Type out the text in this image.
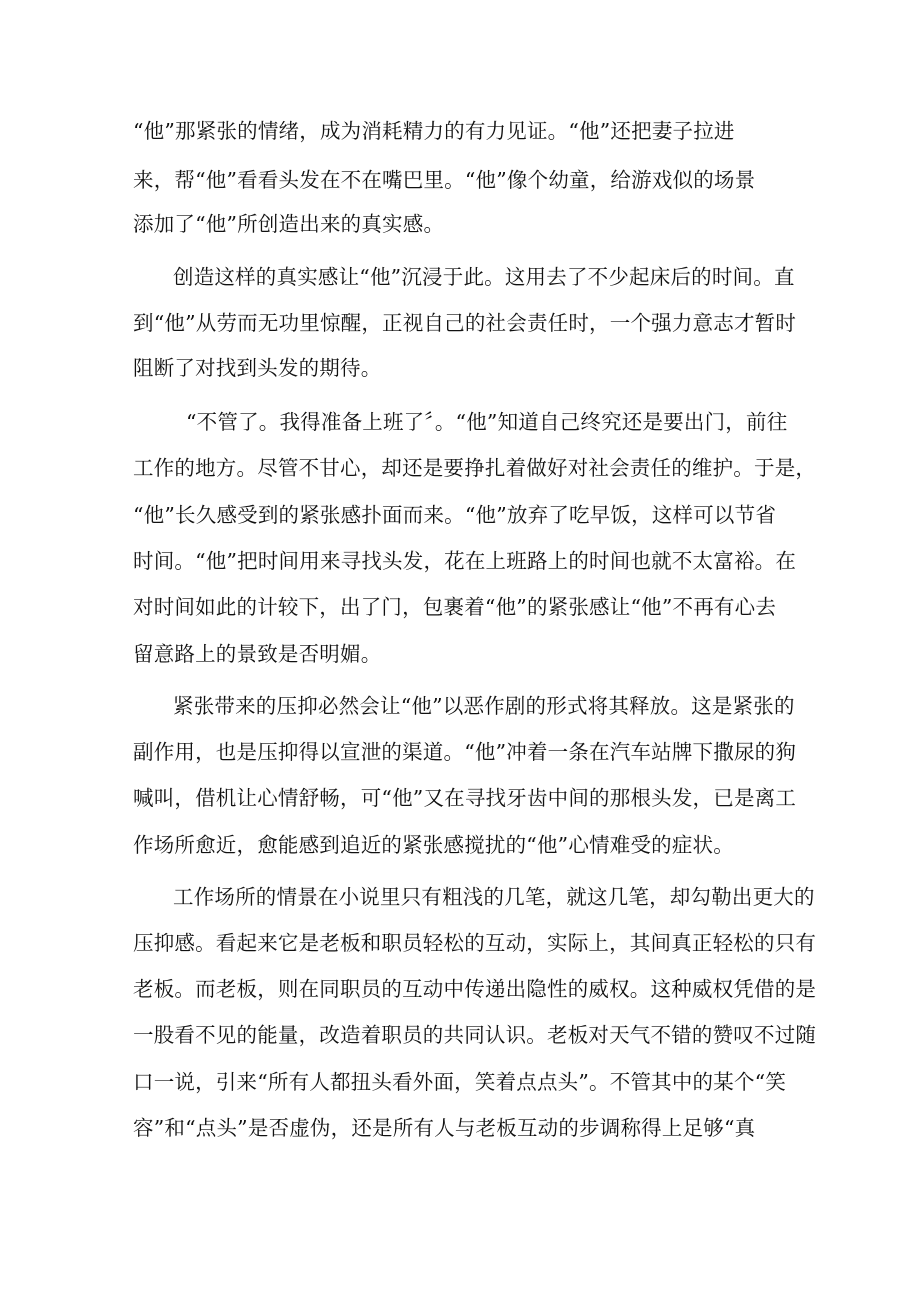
“他”那紧张的情绪，成为消耗精力的有力见证。“他”还把妻子拉进
来，帮“他”看看头发在不在嘴巴里。“他”像个幼童，给游戏似的场景
添加了“他”所创造出来的真实感。
创造这样的真实感让“他”沉浸于此。这用去了不少起床后的时间。直
到“他”从劳而无功里惊醒，正视自己的社会责任时，一个强力意志才暂时
阻断了对找到头发的期待。
“不管了。我得准备上班了〞。“他”知道自己终究还是要出门，前往
工作的地方。尽管不甘心，却还是要挣扎着做好对社会责任的维护。于是，
“他”长久感受到的紧张感扑面而来。“他”放弃了吃早饭，这样可以节省
时间。“他”把时间用来寻找头发，花在上班路上的时间也就不太富裕。在
对时间如此的计较下，出了门，包裹着“他”的紧张感让“他”不再有心去
留意路上的景致是否明媚。
紧张带来的压抑必然会让“他”以恶作剧的形式将其释放。这是紧张的
副作用，也是压抑得以宣泄的渠道。“他”冲着一条在汽车站牌下撒尿的狗
喊叫，借机让心情舒畅，可“他”又在寻找牙齿中间的那根头发，已是离工
作场所愈近，愈能感到追近的紧张感搅扰的“他”心情难受的症状。
工作场所的情景在小说里只有粗浅的几笔，就这几笔，却勾勒出更大的
压抑感。看起来它是老板和职员轻松的互动，实际上，其间真正轻松的只有
老板。而老板，则在同职员的互动中传递出隐性的威权。这种威权凭借的是
一股看不见的能量，改造着职员的共同认识。老板对天气不错的赞叹不过随
口一说，引来“所有人都扭头看外面，笑着点点头”。不管其中的某个“笑
容”和“点头”是否虚伪，还是所有人与老板互动的步调称得上足够“真
